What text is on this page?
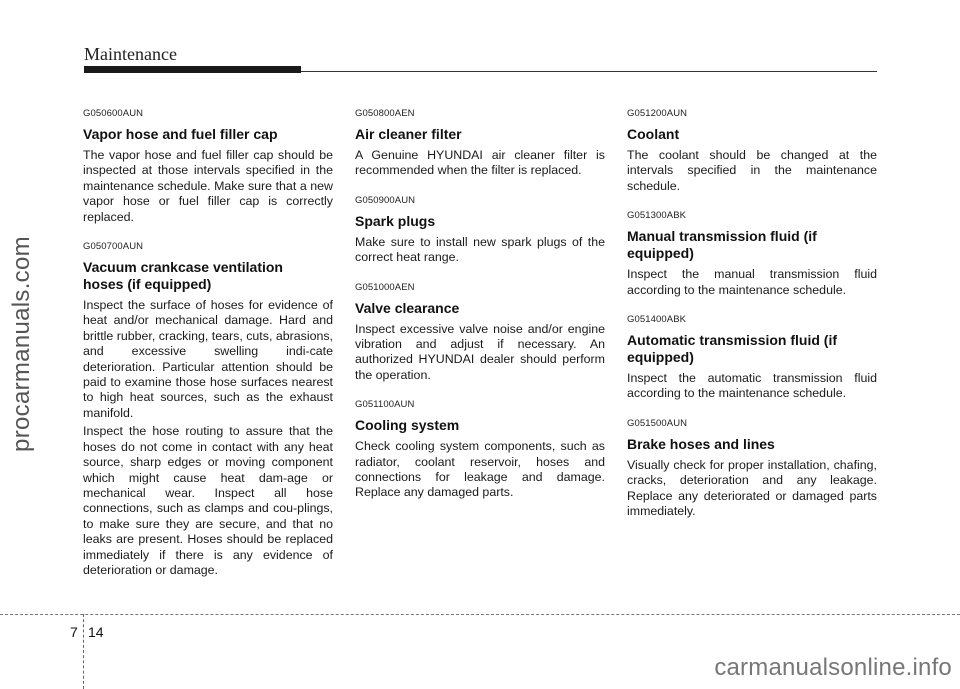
Maintenance
procarmanuals.com
G050600AUN
Vapor hose and fuel filler cap

The vapor hose and fuel filler cap should be inspected at those intervals specified in the maintenance schedule. Make sure that a new vapor hose or fuel filler cap is correctly replaced.

G050700AUN
Vacuum crankcase ventilation hoses (if equipped)

Inspect the surface of hoses for evidence of heat and/or mechanical damage. Hard and brittle rubber, cracking, tears, cuts, abrasions, and excessive swelling indi-cate deterioration. Particular attention should be paid to examine those hose surfaces nearest to high heat sources, such as the exhaust manifold.

Inspect the hose routing to assure that the hoses do not come in contact with any heat source, sharp edges or moving component which might cause heat dam-age or mechanical wear. Inspect all hose connections, such as clamps and cou-plings, to make sure they are secure, and that no leaks are present. Hoses should be replaced immediately if there is any evidence of deterioration or damage.

G050800AEN
Air cleaner filter

A Genuine HYUNDAI air cleaner filter is recommended when the filter is replaced.

G050900AUN
Spark plugs

Make sure to install new spark plugs of the correct heat range.

G051000AEN
Valve clearance

Inspect excessive valve noise and/or engine vibration and adjust if necessary. An authorized HYUNDAI dealer should perform the operation.

G051100AUN
Cooling system

Check cooling system components, such as radiator, coolant reservoir, hoses and connections for leakage and damage. Replace any damaged parts.

G051200AUN
Coolant

The coolant should be changed at the intervals specified in the maintenance schedule.

G051300ABK
Manual transmission fluid (if equipped)

Inspect the manual transmission fluid according to the maintenance schedule.

G051400ABK
Automatic transmission fluid (if equipped)

Inspect the automatic transmission fluid according to the maintenance schedule.

G051500AUN
Brake hoses and lines

Visually check for proper installation, chafing, cracks, deterioration and any leakage. Replace any deteriorated or damaged parts immediately.

7 14
carmanualsonline.info
